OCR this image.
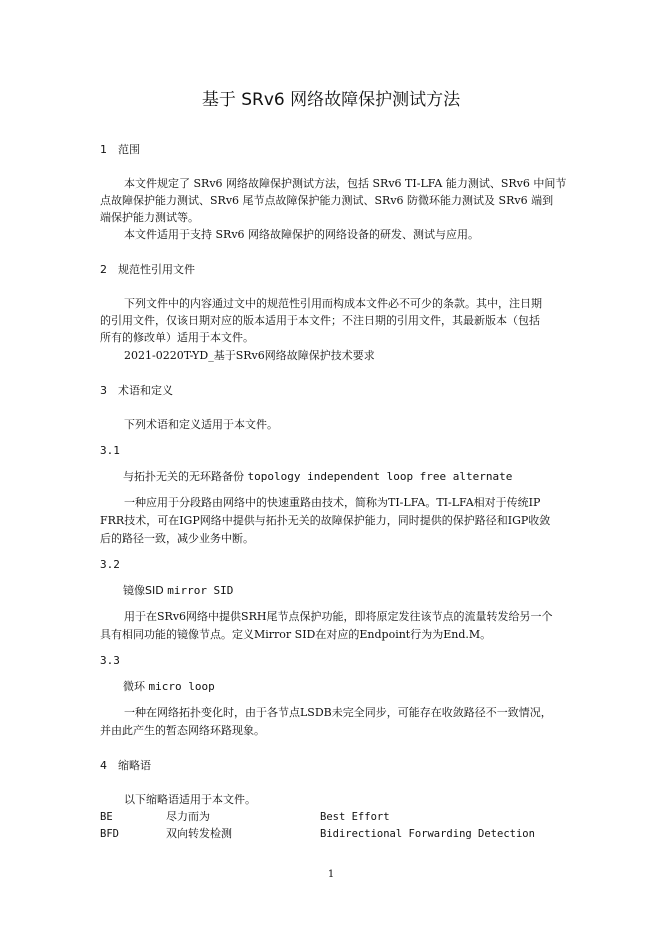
基于 SRv6 网络故障保护测试方法
1 范围
本文件规定了 SRv6 网络故障保护测试方法，包括 SRv6 TI-LFA 能力测试、SRv6 中间节
点故障保护能力测试、SRv6 尾节点故障保护能力测试、SRv6 防微环能力测试及 SRv6 端到
端保护能力测试等。
本文件适用于支持 SRv6 网络故障保护的网络设备的研发、测试与应用。
2 规范性引用文件
下列文件中的内容通过文中的规范性引用而构成本文件必不可少的条款。其中，注日期
的引用文件，仅该日期对应的版本适用于本文件；不注日期的引用文件，其最新版本（包括
所有的修改单）适用于本文件。
2021-0220T-YD_基于SRv6网络故障保护技术要求
3 术语和定义
下列术语和定义适用于本文件。
3.1
与拓扑无关的无环路备份 topology independent loop free alternate
一种应用于分段路由网络中的快速重路由技术，简称为TI-LFA。TI-LFA相对于传统IP
FRR技术，可在IGP网络中提供与拓扑无关的故障保护能力，同时提供的保护路径和IGP收敛
后的路径一致，减少业务中断。
3.2
镜像SID mirror SID
用于在SRv6网络中提供SRH尾节点保护功能，即将原定发往该节点的流量转发给另一个
具有相同功能的镜像节点。定义Mirror SID在对应的Endpoint行为为End.M。
3.3
微环 micro loop
一种在网络拓扑变化时，由于各节点LSDB未完全同步，可能存在收敛路径不一致情况，
并由此产生的暂态网络环路现象。
4 缩略语
以下缩略语适用于本文件。
BE	尽力而为	Best Effort
BFD	双向转发检测	Bidirectional Forwarding Detection
1
